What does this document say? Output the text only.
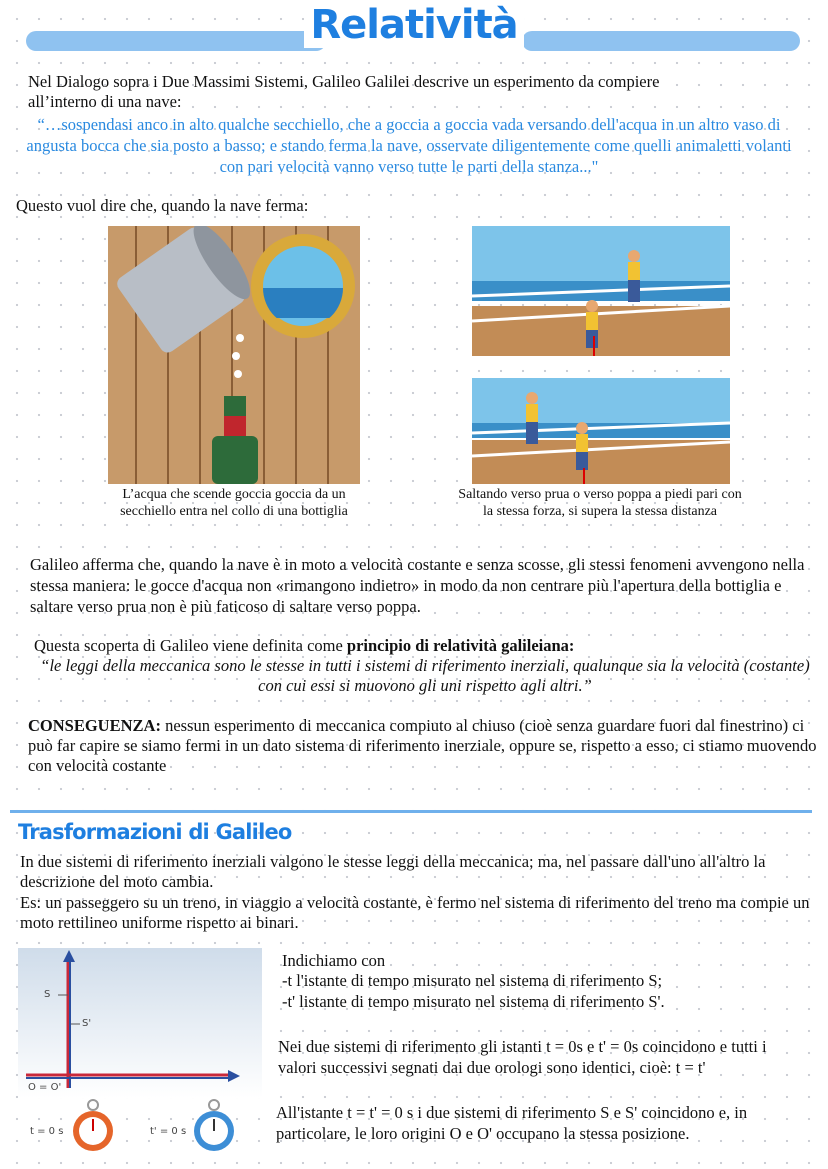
Relatività
Nel Dialogo sopra i Due Massimi Sistemi, Galileo Galilei descrive un esperimento da compiere all’interno di una nave:
“…sospendasi anco in alto qualche secchiello, che a goccia a goccia vada versando dell'acqua in un altro vaso di angusta bocca che sia posto a basso; e stando ferma la nave, osservate diligentemente come quelli animaletti volanti con pari velocità vanno verso tutte le parti della stanza..."
Questo vuol dire che, quando la nave ferma:
L’acqua che scende goccia goccia da un secchiello entra nel collo di una bottiglia
Saltando verso prua o verso poppa a piedi pari con la stessa forza, si supera la stessa distanza
Galileo afferma che, quando la nave è in moto a velocità costante e senza scosse, gli stessi fenomeni avvengono nella stessa maniera: le gocce d'acqua non «rimangono indietro» in modo da non centrare più l'apertura della bottiglia e saltare verso prua non è più faticoso di saltare verso poppa.
Questa scoperta di Galileo viene definita come principio di relatività galileiana:
“le leggi della meccanica sono le stesse in tutti i sistemi di riferimento inerziali, qualunque sia la velocità (costante) con cui essi si muovono gli uni rispetto agli altri.”
CONSEGUENZA: nessun esperimento di meccanica compiuto al chiuso (cioè senza guardare fuori dal finestrino) ci può far capire se siamo fermi in un dato sistema di riferimento inerziale, oppure se, rispetto a esso, ci stiamo muovendo con velocità costante
Trasformazioni di Galileo
In due sistemi di riferimento inerziali valgono le stesse leggi della meccanica; ma, nel passare dall'uno all'altro la descrizione del moto cambia.
Es: un passeggero su un treno, in viaggio a velocità costante, è fermo nel sistema di riferimento del treno ma compie un moto rettilineo uniforme rispetto ai binari.
S
S'
O = O'
t = 0 s	t' = 0 s
Indichiamo con
-t l'istante di tempo misurato nel sistema di riferimento S;
-t' listante di tempo misurato nel sistema di riferimento S'.
Nei due sistemi di riferimento gli istanti t = 0s e t' = 0s coincidono e tutti i valori successivi segnati dai due orologi sono identici, cioè: t = t'
All'istante t = t' = 0 s i due sistemi di riferimento S e S' coincidono e, in particolare, le loro origini O e O' occupano la stessa posizione.
